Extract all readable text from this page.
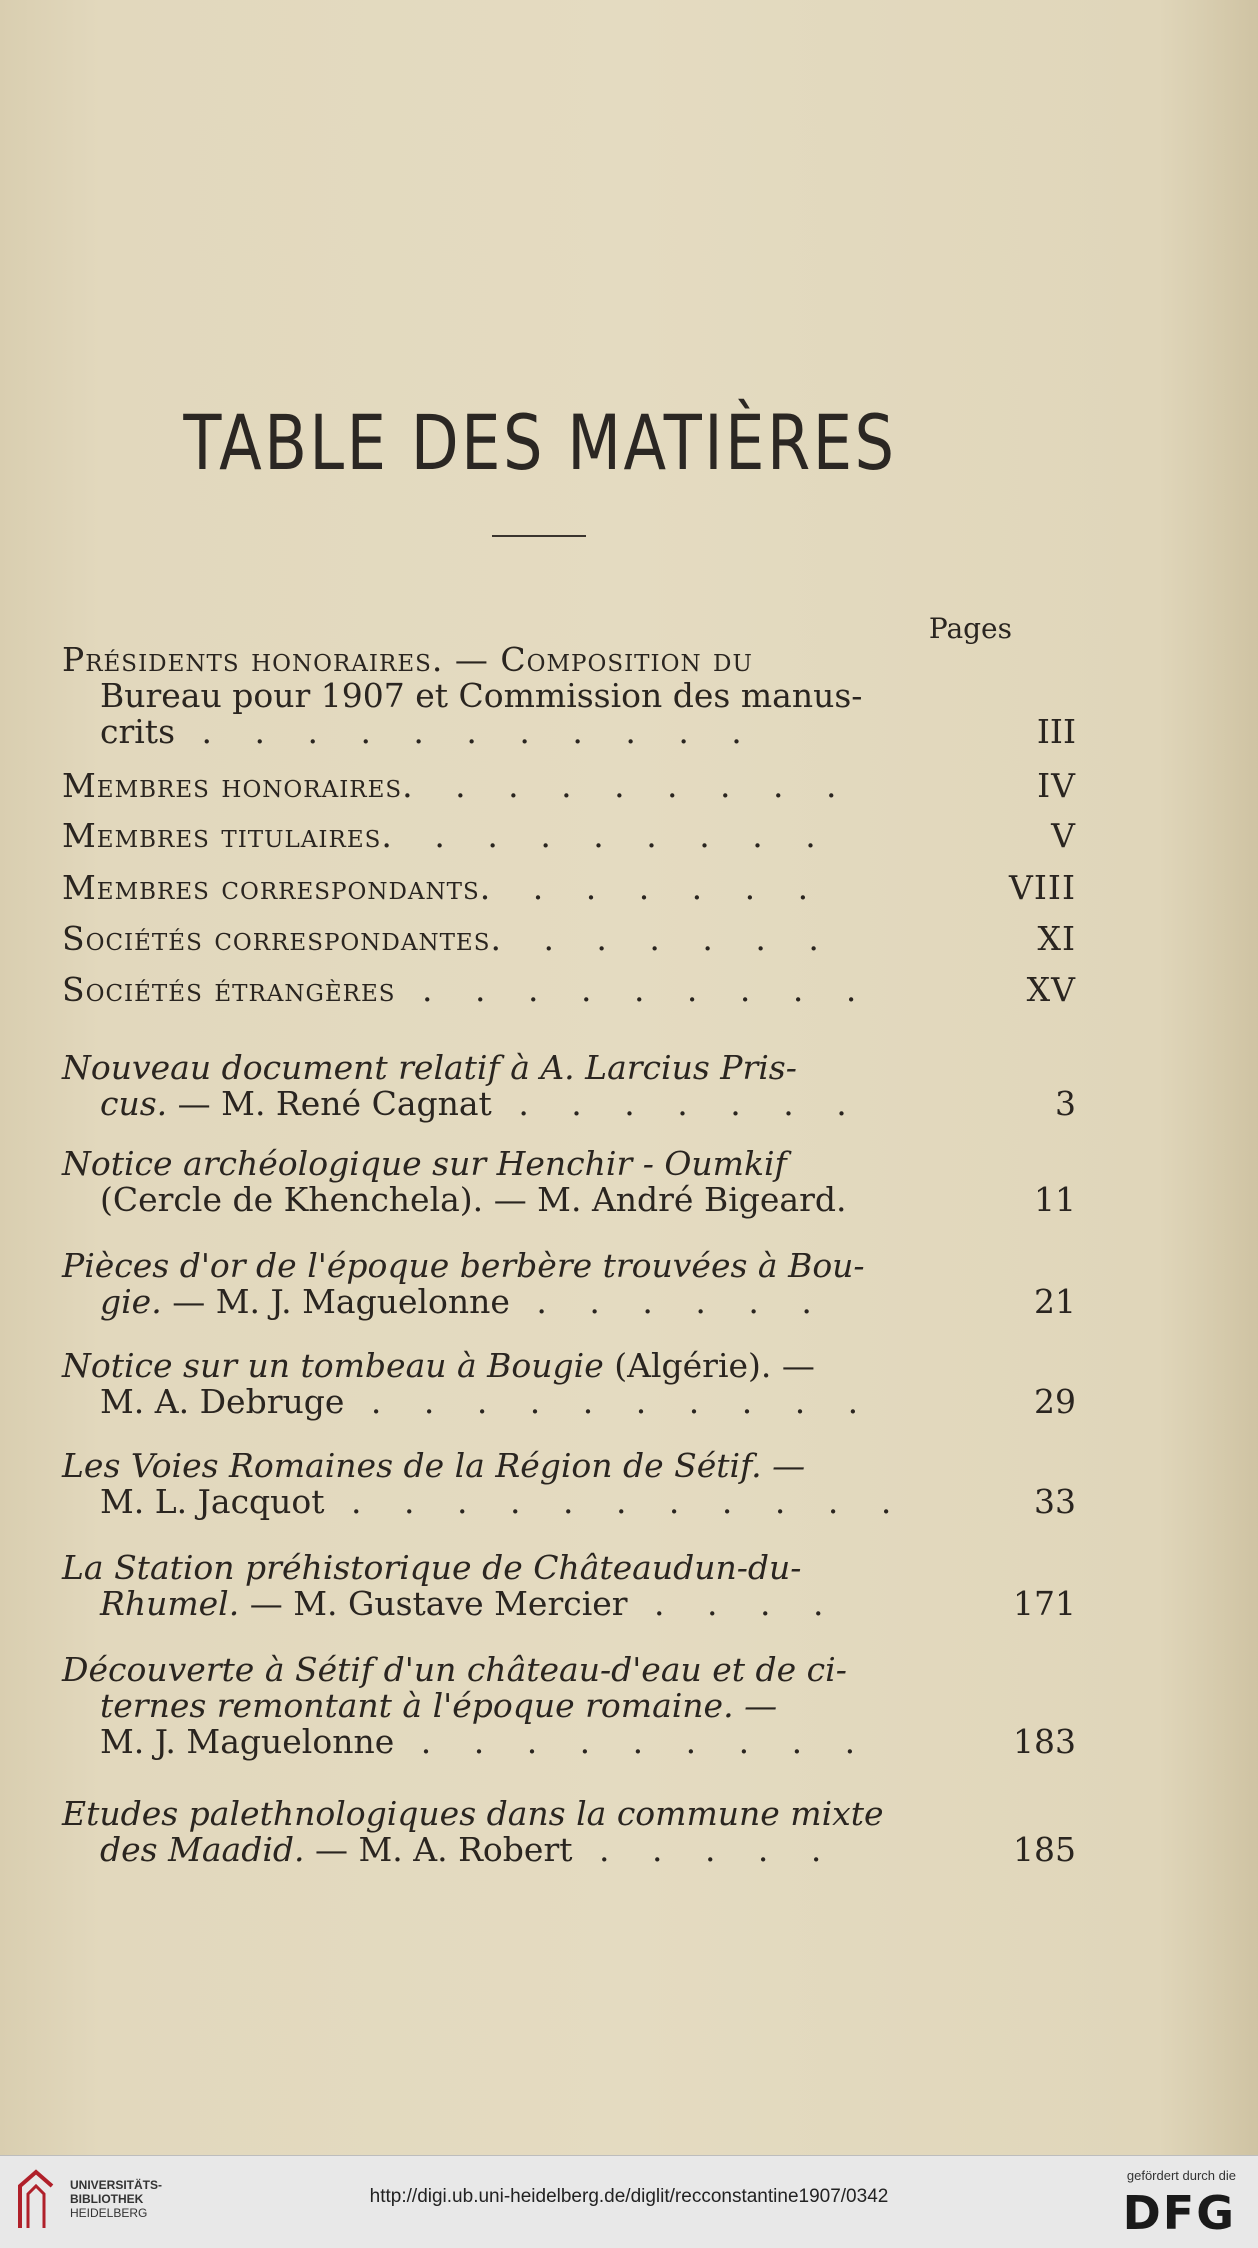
TABLE DES MATIÈRES
Pages
Présidents honoraires. — Composition du
Bureau pour 1907 et Commission des manus-
crits . . . . . . . . . . .	III
Membres honoraires. . . . . . . . .	IV
Membres titulaires. . . . . . . . .	V
Membres correspondants. . . . . . .	VIII
Sociétés correspondantes. . . . . . .	XI
Sociétés étrangères . . . . . . . . .	XV
Nouveau document relatif à A. Larcius Pris-
cus. — M. René Cagnat . . . . . . .	3
Notice archéologique sur Henchir - Oumkif
(Cercle de Khenchela). — M. André Bigeard.	11
Pièces d'or de l'époque berbère trouvées à Bou-
gie. — M. J. Maguelonne . . . . . .	21
Notice sur un tombeau à Bougie (Algérie). —
M. A. Debruge . . . . . . . . . .	29
Les Voies Romaines de la Région de Sétif. —
M. L. Jacquot . . . . . . . . . . .	33
La Station préhistorique de Châteaudun-du-
Rhumel. — M. Gustave Mercier . . . .	171
Découverte à Sétif d'un château-d'eau et de ci-
ternes remontant à l'époque romaine. —
M. J. Maguelonne . . . . . . . . .	183
Etudes palethnologiques dans la commune mixte
des Maadid. — M. A. Robert . . . . .	185
UNIVERSITÄTS-
BIBLIOTHEK
HEIDELBERG
http://digi.ub.uni-heidelberg.de/diglit/recconstantine1907/0342
gefördert durch die
DFG
